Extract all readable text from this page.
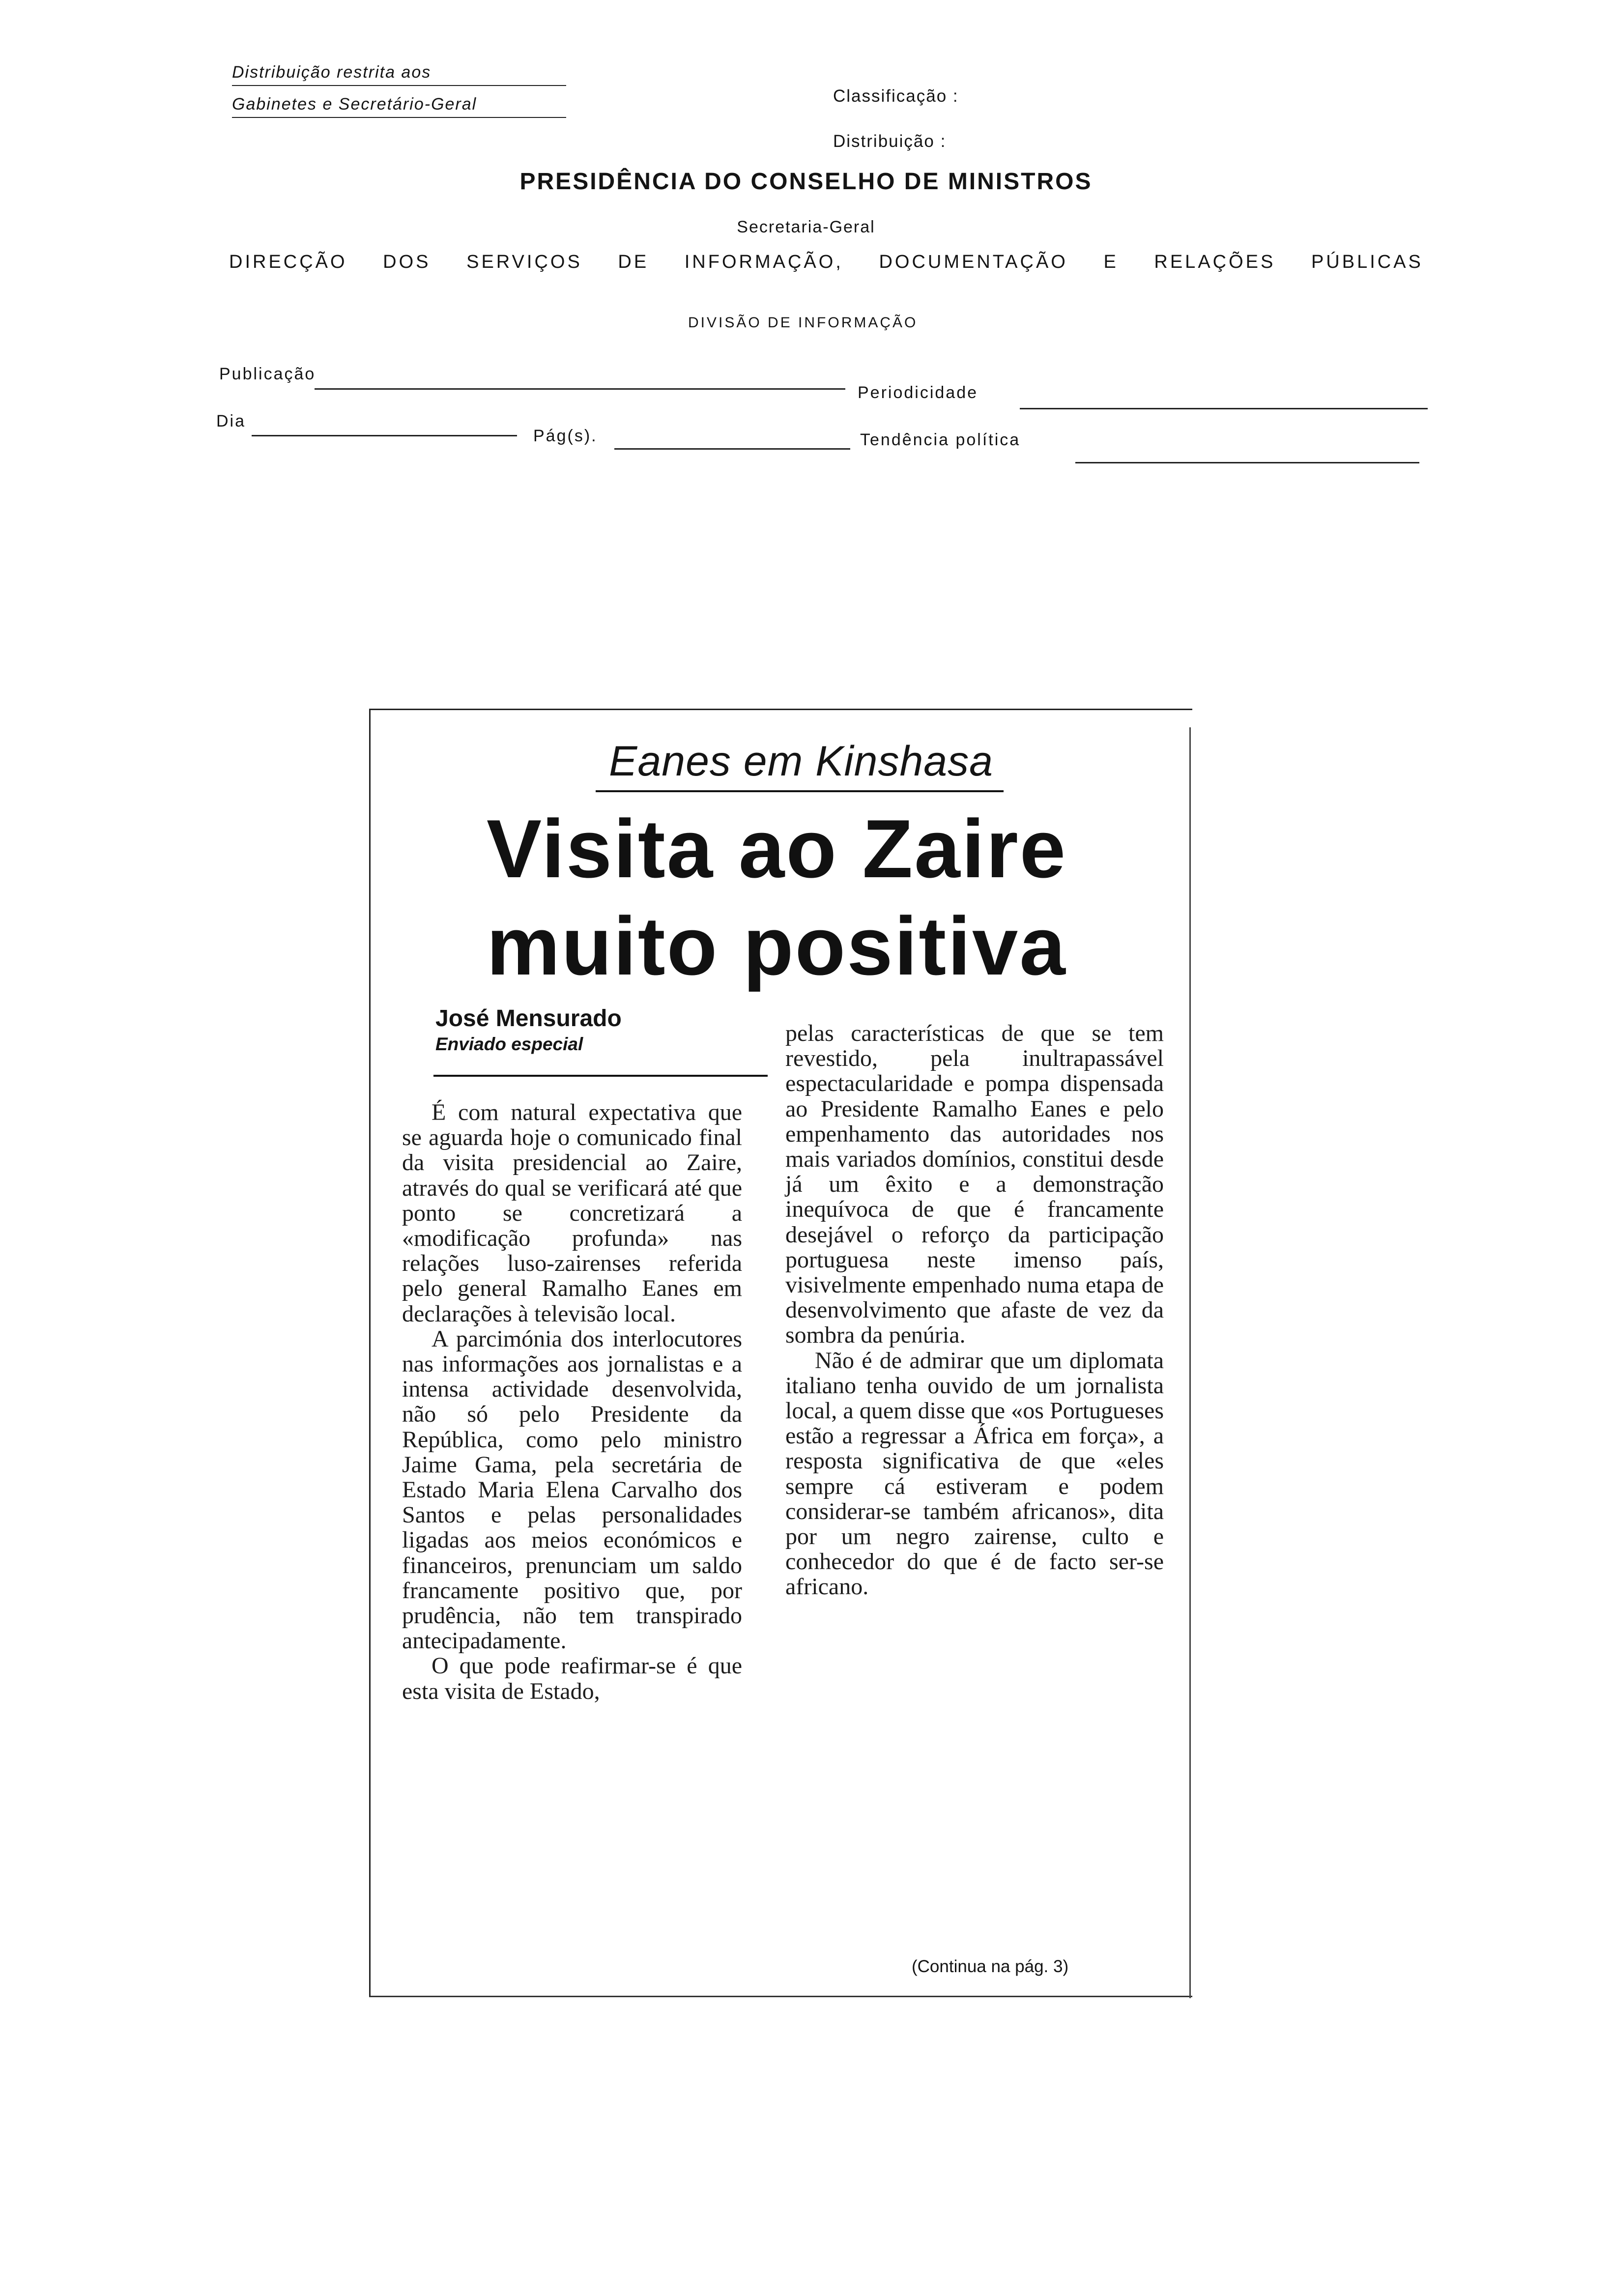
Distribuição restrita aos
Gabinetes e Secretário-Geral	Classificação :
Distribuição :
PRESIDÊNCIA DO CONSELHO DE MINISTROS
Secretaria-Geral
DIRECÇÃO DOS SERVIÇOS DE INFORMAÇÃO, DOCUMENTAÇÃO E RELAÇÕES PÚBLICAS
DIVISÃO DE INFORMAÇÃO
Publicação
Dia
Pág(s).
Periodicidade
Tendência política
Eanes em Kinshasa
Visita ao Zaire
muito positiva
José Mensurado
Enviado especial

É com natural expectativa que se aguarda hoje o comunicado final da visita presidencial ao Zaire, através do qual se verificará até que ponto se concretizará a «modificação profunda» nas relações luso-zairenses referida pelo general Ramalho Eanes em declarações à televisão local.

A parcimónia dos interlocutores nas informações aos jornalistas e a intensa actividade desenvolvida, não só pelo Presidente da República, como pelo ministro Jaime Gama, pela secretária de Estado Maria Elena Carvalho dos Santos e pelas personalidades ligadas aos meios económicos e financeiros, prenunciam um saldo francamente positivo que, por prudência, não tem transpirado antecipadamente.

O que pode reafirmar-se é que esta visita de Estado,

pelas características de que se tem revestido, pela inultrapassável espectacularidade e pompa dispensada ao Presidente Ramalho Eanes e pelo empenhamento das autoridades nos mais variados domínios, constitui desde já um êxito e a demonstração inequívoca de que é francamente desejável o reforço da participação portuguesa neste imenso país, visivelmente empenhado numa etapa de desenvolvimento que afaste de vez da sombra da penúria.

Não é de admirar que um diplomata italiano tenha ouvido de um jornalista local, a quem disse que «os Portugueses estão a regressar a África em força», a resposta significativa de que «eles sempre cá estiveram e podem considerar-se também africanos», dita por um negro zairense, culto e conhecedor do que é de facto ser-se africano.

(Continua na pág. 3)
